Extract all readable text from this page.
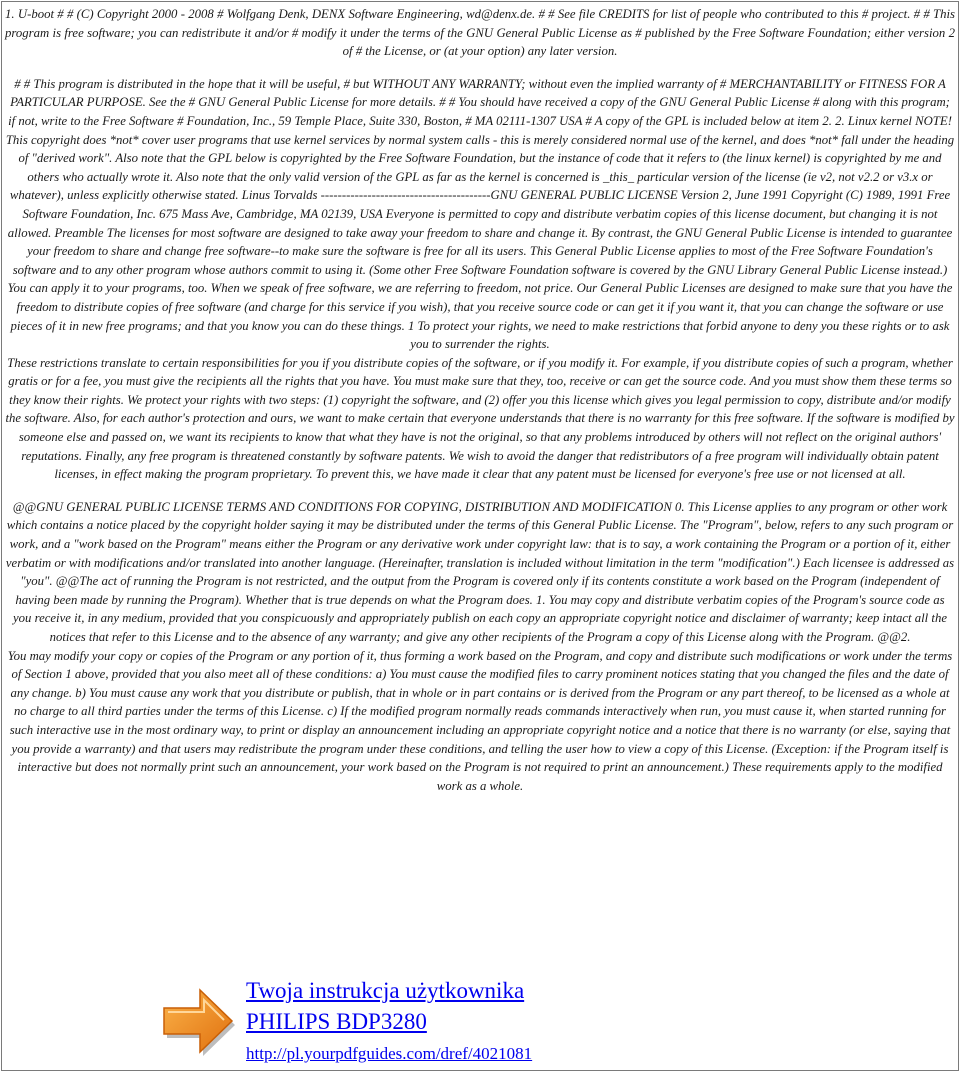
1. U-boot # # (C) Copyright 2000 - 2008 # Wolfgang Denk, DENX Software Engineering, wd@denx.de. # # See file CREDITS for list of people who contributed to this # project. # # This program is free software; you can redistribute it and/or # modify it under the terms of the GNU General Public License as # published by the Free Software Foundation; either version 2 of # the License, or (at your option) any later version.

# # This program is distributed in the hope that it will be useful, # but WITHOUT ANY WARRANTY; without even the implied warranty of # MERCHANTABILITY or FITNESS FOR A PARTICULAR PURPOSE. See the # GNU General Public License for more details. # # You should have received a copy of the GNU General Public License # along with this program; if not, write to the Free Software # Foundation, Inc., 59 Temple Place, Suite 330, Boston, # MA 02111-1307 USA # A copy of the GPL is included below at item 2. 2. Linux kernel NOTE! This copyright does *not* cover user programs that use kernel services by normal system calls - this is merely considered normal use of the kernel, and does *not* fall under the heading of "derived work". Also note that the GPL below is copyrighted by the Free Software Foundation, but the instance of code that it refers to (the linux kernel) is copyrighted by me and others who actually wrote it. Also note that the only valid version of the GPL as far as the kernel is concerned is _this_ particular version of the license (ie v2, not v2.2 or v3.x or whatever), unless explicitly otherwise stated. Linus Torvalds ----------------------------------------GNU GENERAL PUBLIC LICENSE Version 2, June 1991 Copyright (C) 1989, 1991 Free Software Foundation, Inc. 675 Mass Ave, Cambridge, MA 02139, USA Everyone is permitted to copy and distribute verbatim copies of this license document, but changing it is not allowed. Preamble The licenses for most software are designed to take away your freedom to share and change it. By contrast, the GNU General Public License is intended to guarantee your freedom to share and change free software--to make sure the software is free for all its users. This General Public License applies to most of the Free Software Foundation's software and to any other program whose authors commit to using it. (Some other Free Software Foundation software is covered by the GNU Library General Public License instead.) You can apply it to your programs, too. When we speak of free software, we are referring to freedom, not price. Our General Public Licenses are designed to make sure that you have the freedom to distribute copies of free software (and charge for this service if you wish), that you receive source code or can get it if you want it, that you can change the software or use pieces of it in new free programs; and that you know you can do these things. 1 To protect your rights, we need to make restrictions that forbid anyone to deny you these rights or to ask you to surrender the rights.

These restrictions translate to certain responsibilities for you if you distribute copies of the software, or if you modify it. For example, if you distribute copies of such a program, whether gratis or for a fee, you must give the recipients all the rights that you have. You must make sure that they, too, receive or can get the source code. And you must show them these terms so they know their rights. We protect your rights with two steps: (1) copyright the software, and (2) offer you this license which gives you legal permission to copy, distribute and/or modify the software. Also, for each author's protection and ours, we want to make certain that everyone understands that there is no warranty for this free software. If the software is modified by someone else and passed on, we want its recipients to know that what they have is not the original, so that any problems introduced by others will not reflect on the original authors' reputations. Finally, any free program is threatened constantly by software patents. We wish to avoid the danger that redistributors of a free program will individually obtain patent licenses, in effect making the program proprietary. To prevent this, we have made it clear that any patent must be licensed for everyone's free use or not licensed at all.

@@GNU GENERAL PUBLIC LICENSE TERMS AND CONDITIONS FOR COPYING, DISTRIBUTION AND MODIFICATION 0. This License applies to any program or other work which contains a notice placed by the copyright holder saying it may be distributed under the terms of this General Public License. The "Program", below, refers to any such program or work, and a "work based on the Program" means either the Program or any derivative work under copyright law: that is to say, a work containing the Program or a portion of it, either verbatim or with modifications and/or translated into another language. (Hereinafter, translation is included without limitation in the term "modification".) Each licensee is addressed as "you". @@The act of running the Program is not restricted, and the output from the Program is covered only if its contents constitute a work based on the Program (independent of having been made by running the Program). Whether that is true depends on what the Program does. 1. You may copy and distribute verbatim copies of the Program's source code as you receive it, in any medium, provided that you conspicuously and appropriately publish on each copy an appropriate copyright notice and disclaimer of warranty; keep intact all the notices that refer to this License and to the absence of any warranty; and give any other recipients of the Program a copy of this License along with the Program. @@2.

You may modify your copy or copies of the Program or any portion of it, thus forming a work based on the Program, and copy and distribute such modifications or work under the terms of Section 1 above, provided that you also meet all of these conditions: a) You must cause the modified files to carry prominent notices stating that you changed the files and the date of any change. b) You must cause any work that you distribute or publish, that in whole or in part contains or is derived from the Program or any part thereof, to be licensed as a whole at no charge to all third parties under the terms of this License. c) If the modified program normally reads commands interactively when run, you must cause it, when started running for such interactive use in the most ordinary way, to print or display an announcement including an appropriate copyright notice and a notice that there is no warranty (or else, saying that you provide a warranty) and that users may redistribute the program under these conditions, and telling the user how to view a copy of this License. (Exception: if the Program itself is interactive but does not normally print such an announcement, your work based on the Program is not required to print an announcement.) These requirements apply to the modified work as a whole.

Twoja instrukcja użytkownika
PHILIPS BDP3280
http://pl.yourpdfguides.com/dref/4021081
